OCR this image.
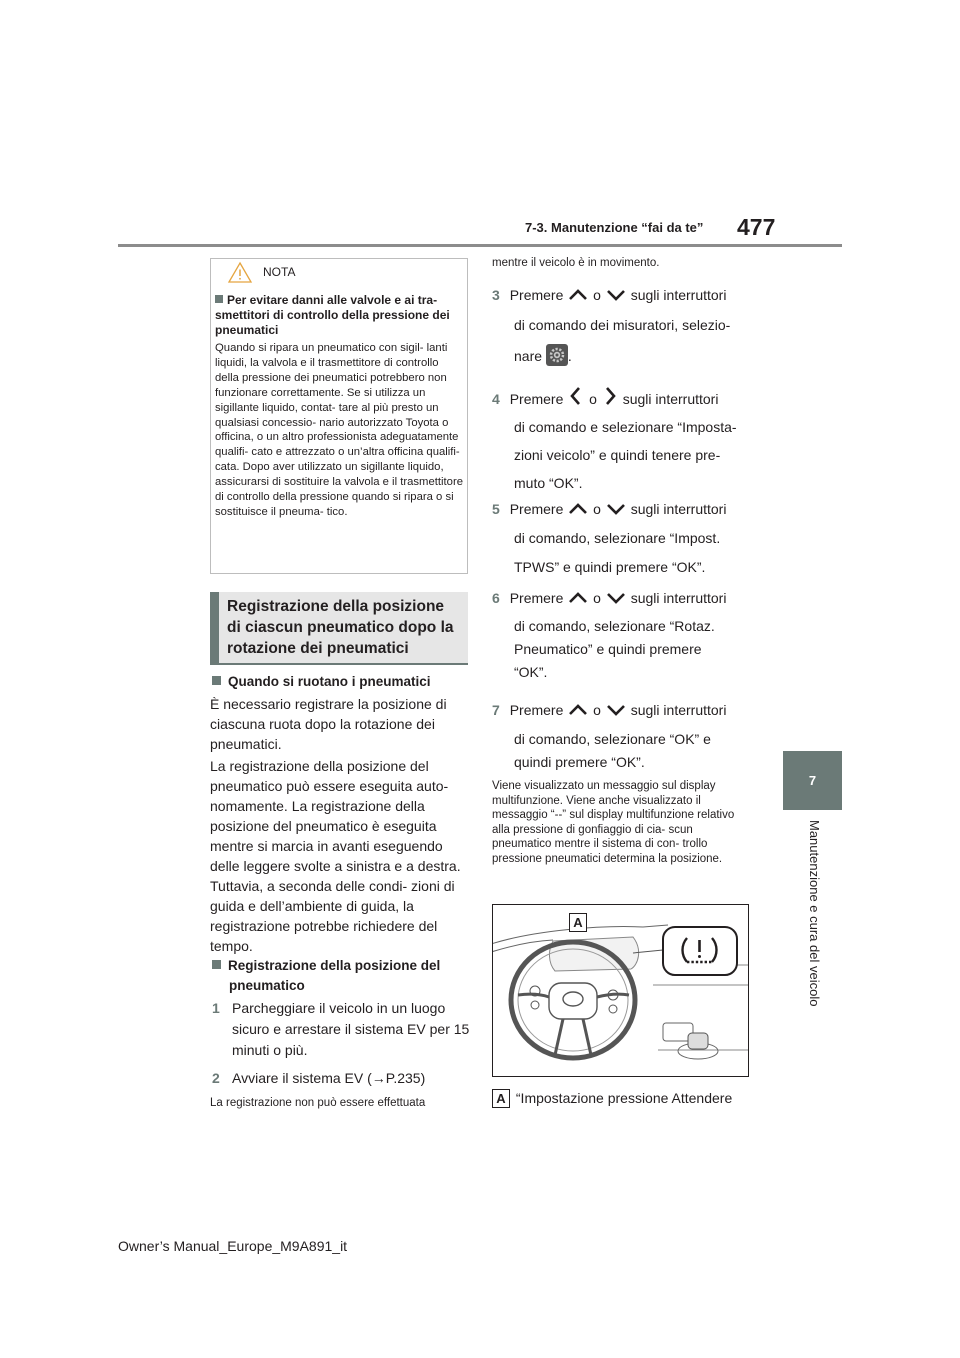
477
7-3. Manutenzione “fai da te”
7
Manutenzione e cura del veicolo
NOTA
Per evitare danni alle valvole e ai tra- smettitori di controllo della pressione dei pneumatici
Quando si ripara un pneumatico con sigil- lanti liquidi, la valvola e il trasmettitore di controllo della pressione dei pneumatici potrebbero non funzionare correttamente. Se si utilizza un sigillante liquido, contat- tare al più presto un qualsiasi concessio- nario autorizzato Toyota o officina, o un altro professionista adeguatamente qualifi- cato e attrezzato o un’altra officina qualifi- cata. Dopo aver utilizzato un sigillante liquido, assicurarsi di sostituire la valvola e il trasmettitore di controllo della pressione quando si ripara o si sostituisce il pneuma- tico.
Registrazione della posizione di ciascun pneumatico dopo la rotazione dei pneumatici
Quando si ruotano i pneumatici
È necessario registrare la posizione di ciascuna ruota dopo la rotazione dei pneumatici.
La registrazione della posizione del pneumatico può essere eseguita auto- nomamente. La registrazione della posizione del pneumatico è eseguita mentre si marcia in avanti eseguendo delle leggere svolte a sinistra e a destra. Tuttavia, a seconda delle condi- zioni di guida e dell’ambiente di guida, la registrazione potrebbe richiedere del tempo.
Registrazione della posizione del pneumatico
1 Parcheggiare il veicolo in un luogo sicuro e arrestare il sistema EV per 15 minuti o più.
2 Avviare il sistema EV (→P.235)
La registrazione non può essere effettuata
mentre il veicolo è in movimento.
3 Premere o sugli interruttori
di comando dei misuratori, selezio-
nare .
4 Premere o sugli interruttori
di comando e selezionare “Imposta-
zioni veicolo” e quindi tenere pre-
muto “OK”.
5 Premere o sugli interruttori
di comando, selezionare “Impost.
TPWS” e quindi premere “OK”.
6 Premere o sugli interruttori
di comando, selezionare “Rotaz.
Pneumatico” e quindi premere
“OK”.
7 Premere o sugli interruttori
di comando, selezionare “OK” e
quindi premere “OK”.
Viene visualizzato un messaggio sul display multifunzione. Viene anche visualizzato il messaggio “--” sul display multifunzione relativo alla pressione di gonfiaggio di cia- scun pneumatico mentre il sistema di con- trollo pressione pneumatici determina la posizione.
A
A “Impostazione pressione Attendere
Owner’s Manual_Europe_M9A891_it
